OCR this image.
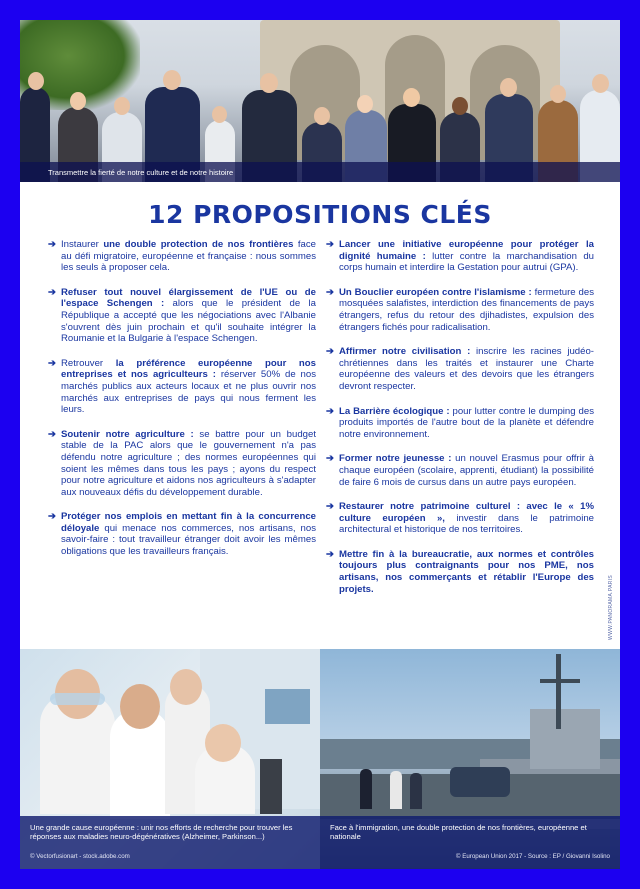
Transmettre la fierté de notre culture et de notre histoire
12 PROPOSITIONS CLÉS
➔ Instaurer une double protection de nos frontières face au défi migratoire, européenne et française : nous sommes les seuls à proposer cela.
➔ Refuser tout nouvel élargissement de l'UE ou de l'espace Schengen : alors que le président de la République a accepté que les négociations avec l'Albanie s'ouvrent dès juin prochain et qu'il souhaite intégrer la Roumanie et la Bulgarie à l'espace Schengen.
➔ Retrouver la préférence européenne pour nos entreprises et nos agriculteurs : réserver 50% de nos marchés publics aux acteurs locaux et ne plus ouvrir nos marchés aux entreprises de pays qui nous ferment les leurs.
➔ Soutenir notre agriculture : se battre pour un budget stable de la PAC alors que le gouvernement n'a pas défendu notre agriculture ; des normes européennes qui soient les mêmes dans tous les pays ; ayons du respect pour notre agriculture et aidons nos agriculteurs à s'adapter aux nouveaux défis du développement durable.
➔ Protéger nos emplois en mettant fin à la concurrence déloyale qui menace nos commerces, nos artisans, nos savoir-faire : tout travailleur étranger doit avoir les mêmes obligations que les travailleurs français.
➔ Lancer une initiative européenne pour protéger la dignité humaine : lutter contre la marchandisation du corps humain et interdire la Gestation pour autrui (GPA).
➔ Un Bouclier européen contre l'islamisme : fermeture des mosquées salafistes, interdiction des financements de pays étrangers, refus du retour des djihadistes, expulsion des étrangers fichés pour radicalisation.
➔ Affirmer notre civilisation : inscrire les racines judéo-chrétiennes dans les traités et instaurer une Charte européenne des valeurs et des devoirs que les étrangers devront respecter.
➔ La Barrière écologique : pour lutter contre le dumping des produits importés de l'autre bout de la planète et défendre notre environnement.
➔ Former notre jeunesse : un nouvel Erasmus pour offrir à chaque européen (scolaire, apprenti, étudiant) la possibilité de faire 6 mois de cursus dans un autre pays européen.
➔ Restaurer notre patrimoine culturel : avec le « 1% culture européen », investir dans le patrimoine architectural et historique de nos territoires.
➔ Mettre fin à la bureaucratie, aux normes et contrôles toujours plus contraignants pour nos PME, nos artisans, nos commerçants et rétablir l'Europe des projets.	WWW.PANORAMA.PARIS
Une grande cause européenne : unir nos efforts de recherche pour trouver les réponses aux maladies neuro-dégénératives (Alzheimer, Parkinson...)
© Vectorfusionart - stock.adobe.com
Face à l'immigration, une double protection de nos frontières, européenne et nationale
© European Union 2017 - Source : EP / Giovanni Isolino
